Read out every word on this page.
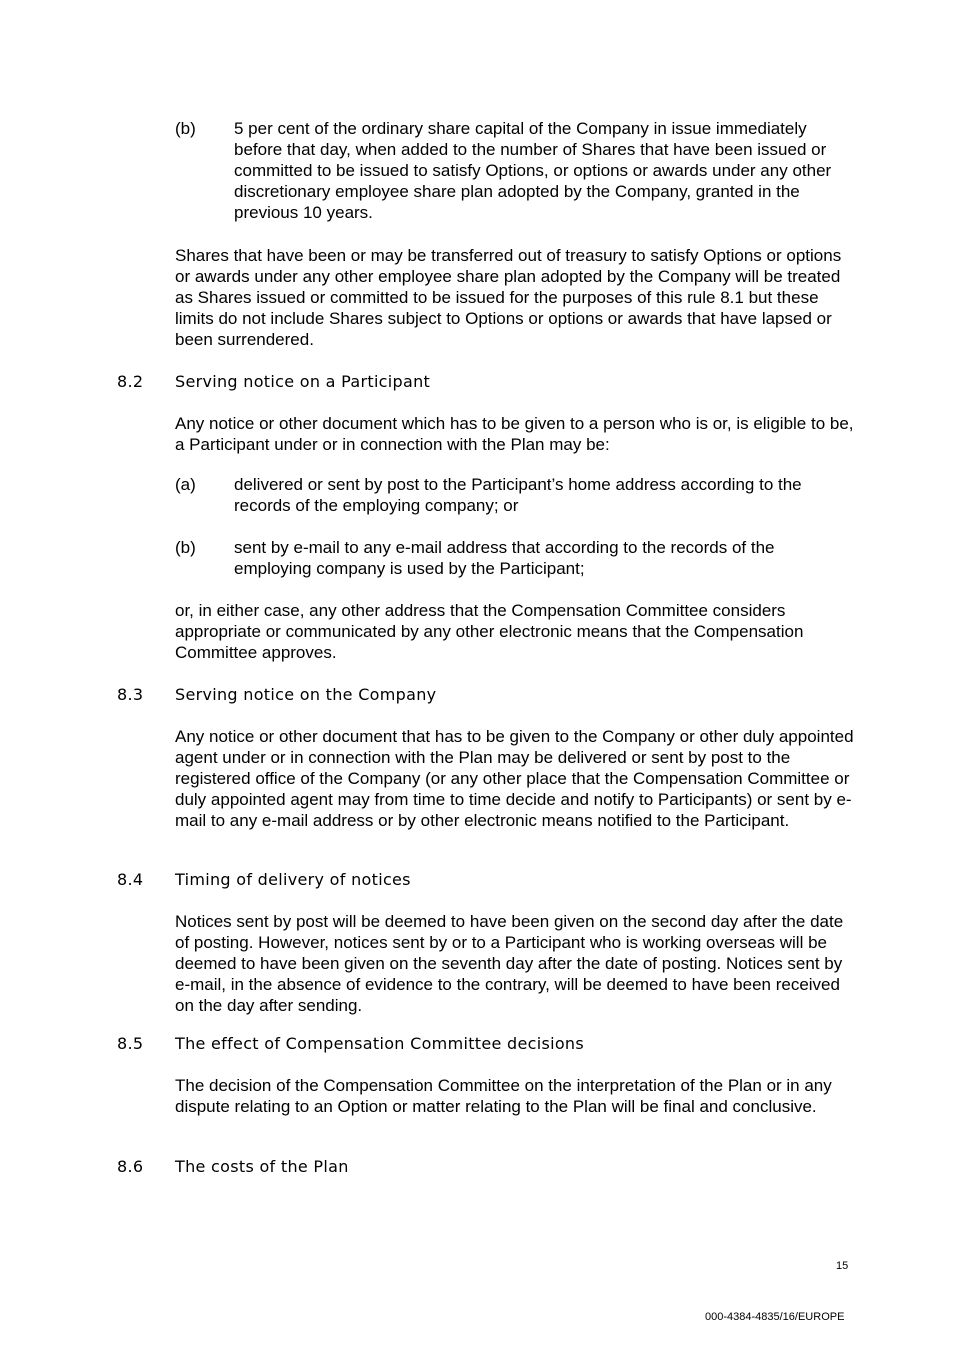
(b) 5 per cent of the ordinary share capital of the Company in issue immediately before that day, when added to the number of Shares that have been issued or committed to be issued to satisfy Options, or options or awards under any other discretionary employee share plan adopted by the Company, granted in the previous 10 years.

Shares that have been or may be transferred out of treasury to satisfy Options or options or awards under any other employee share plan adopted by the Company will be treated as Shares issued or committed to be issued for the purposes of this rule 8.1 but these limits do not include Shares subject to Options or options or awards that have lapsed or been surrendered.

8.2 Serving notice on a Participant

Any notice or other document which has to be given to a person who is or, is eligible to be, a Participant under or in connection with the Plan may be:

(a) delivered or sent by post to the Participant’s home address according to the records of the employing company; or
(b) sent by e-mail to any e-mail address that according to the records of the employing company is used by the Participant;

or, in either case, any other address that the Compensation Committee considers appropriate or communicated by any other electronic means that the Compensation Committee approves.

8.3 Serving notice on the Company

Any notice or other document that has to be given to the Company or other duly appointed agent under or in connection with the Plan may be delivered or sent by post to the registered office of the Company (or any other place that the Compensation Committee or duly appointed agent may from time to time decide and notify to Participants) or sent by e-mail to any e-mail address or by other electronic means notified to the Participant.

8.4 Timing of delivery of notices

Notices sent by post will be deemed to have been given on the second day after the date of posting. However, notices sent by or to a Participant who is working overseas will be deemed to have been given on the seventh day after the date of posting. Notices sent by e-mail, in the absence of evidence to the contrary, will be deemed to have been received on the day after sending.

8.5 The effect of Compensation Committee decisions

The decision of the Compensation Committee on the interpretation of the Plan or in any dispute relating to an Option or matter relating to the Plan will be final and conclusive.

8.6 The costs of the Plan
15
000-4384-4835/16/EUROPE
